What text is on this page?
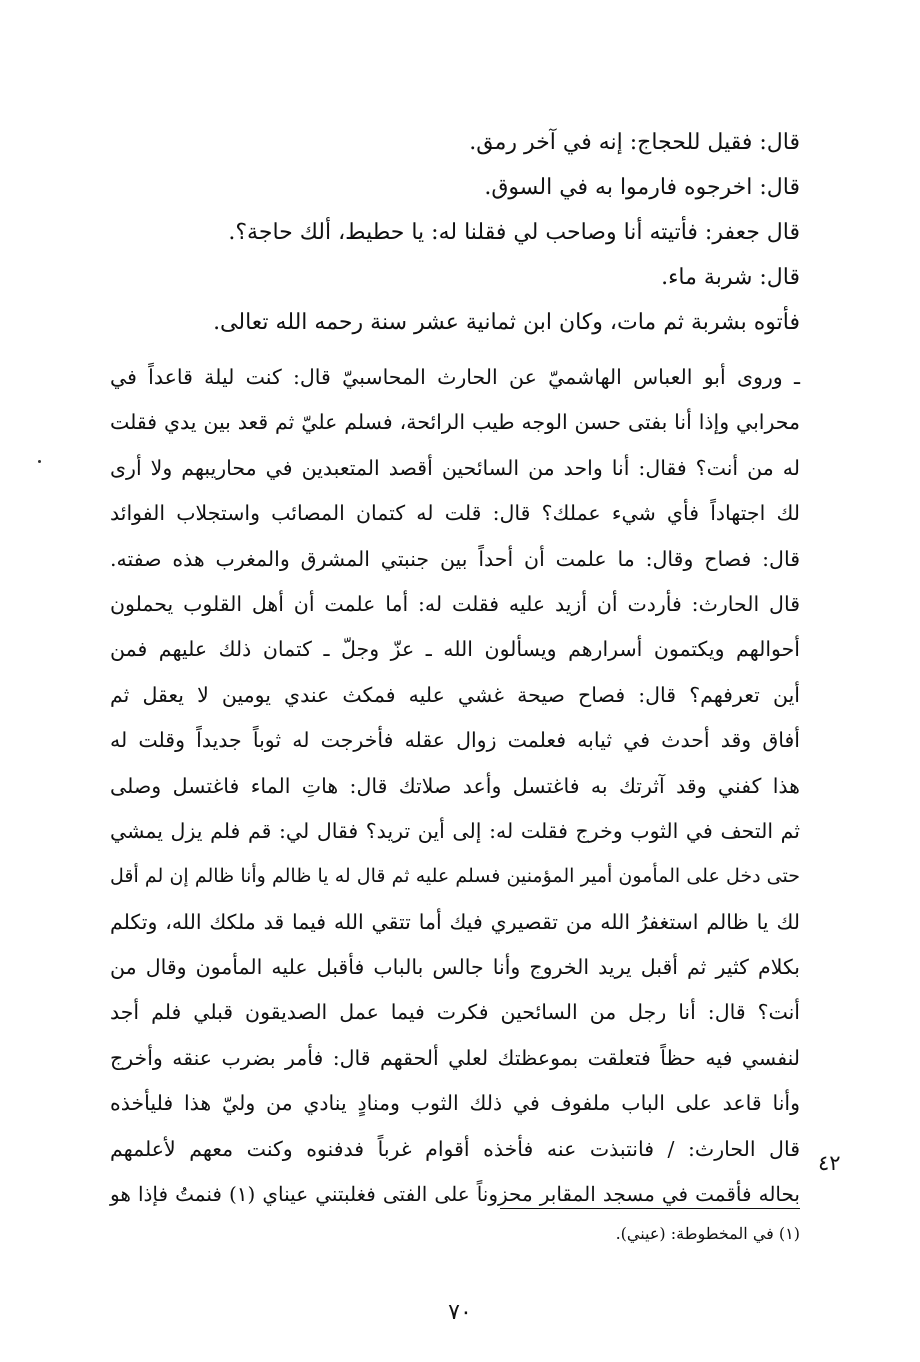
قال: فقيل للحجاج: إنه في آخر رمق.
قال: اخرجوه فارموا به في السوق.
قال جعفر: فأتيته أنا وصاحب لي فقلنا له: يا حطيط، ألك حاجة؟.
قال: شربة ماء.
فأتوه بشربة ثم مات، وكان ابن ثمانية عشر سنة رحمه الله تعالى.
ـ وروى أبو العباس الهاشميّ عن الحارث المحاسبيّ قال: كنت ليلة قاعداً في
محرابي وإذا أنا بفتى حسن الوجه طيب الرائحة، فسلم عليّ ثم قعد بين يدي فقلت
له من أنت؟ فقال: أنا واحد من السائحين أقصد المتعبدين في محاريبهم ولا أرى
لك اجتهاداً فأي شيء عملك؟ قال: قلت له كتمان المصائب واستجلاب الفوائد
قال: فصاح وقال: ما علمت أن أحداً بين جنبتي المشرق والمغرب هذه صفته.
قال الحارث: فأردت أن أزيد عليه فقلت له: أما علمت أن أهل القلوب يحملون
أحوالهم ويكتمون أسرارهم ويسألون الله ـ عزّ وجلّ ـ كتمان ذلك عليهم فمن
أين تعرفهم؟ قال: فصاح صيحة غشي عليه فمكث عندي يومين لا يعقل ثم
أفاق وقد أحدث في ثيابه فعلمت زوال عقله فأخرجت له ثوباً جديداً وقلت له
هذا كفني وقد آثرتك به فاغتسل وأعد صلاتك قال: هاتِ الماء فاغتسل وصلى
ثم التحف في الثوب وخرج فقلت له: إلى أين تريد؟ فقال لي: قم فلم يزل يمشي
حتى دخل على المأمون أمير المؤمنين فسلم عليه ثم قال له يا ظالم وأنا ظالم إن لم أقل
لك يا ظالم استغفرُ الله من تقصيري فيك أما تتقي الله فيما قد ملكك الله، وتكلم
بكلام كثير ثم أقبل يريد الخروج وأنا جالس بالباب فأقبل عليه المأمون وقال من
أنت؟ قال: أنا رجل من السائحين فكرت فيما عمل الصديقون قبلي فلم أجد
لنفسي فيه حظاً فتعلقت بموعظتك لعلي ألحقهم قال: فأمر بضرب عنقه وأخرج
وأنا قاعد على الباب ملفوف في ذلك الثوب ومنادٍ ينادي من وليّ هذا فليأخذه
قال الحارث: / فانتبذت عنه فأخذه أقوام غرباً فدفنوه وكنت معهم لأعلمهم
بحاله فأقمت في مسجد المقابر محزوناً على الفتى فغلبتني عيناي (١) فنمتُ فإذا هو
٤٢
(١) في المخطوطة: (عيني).
٧٠
